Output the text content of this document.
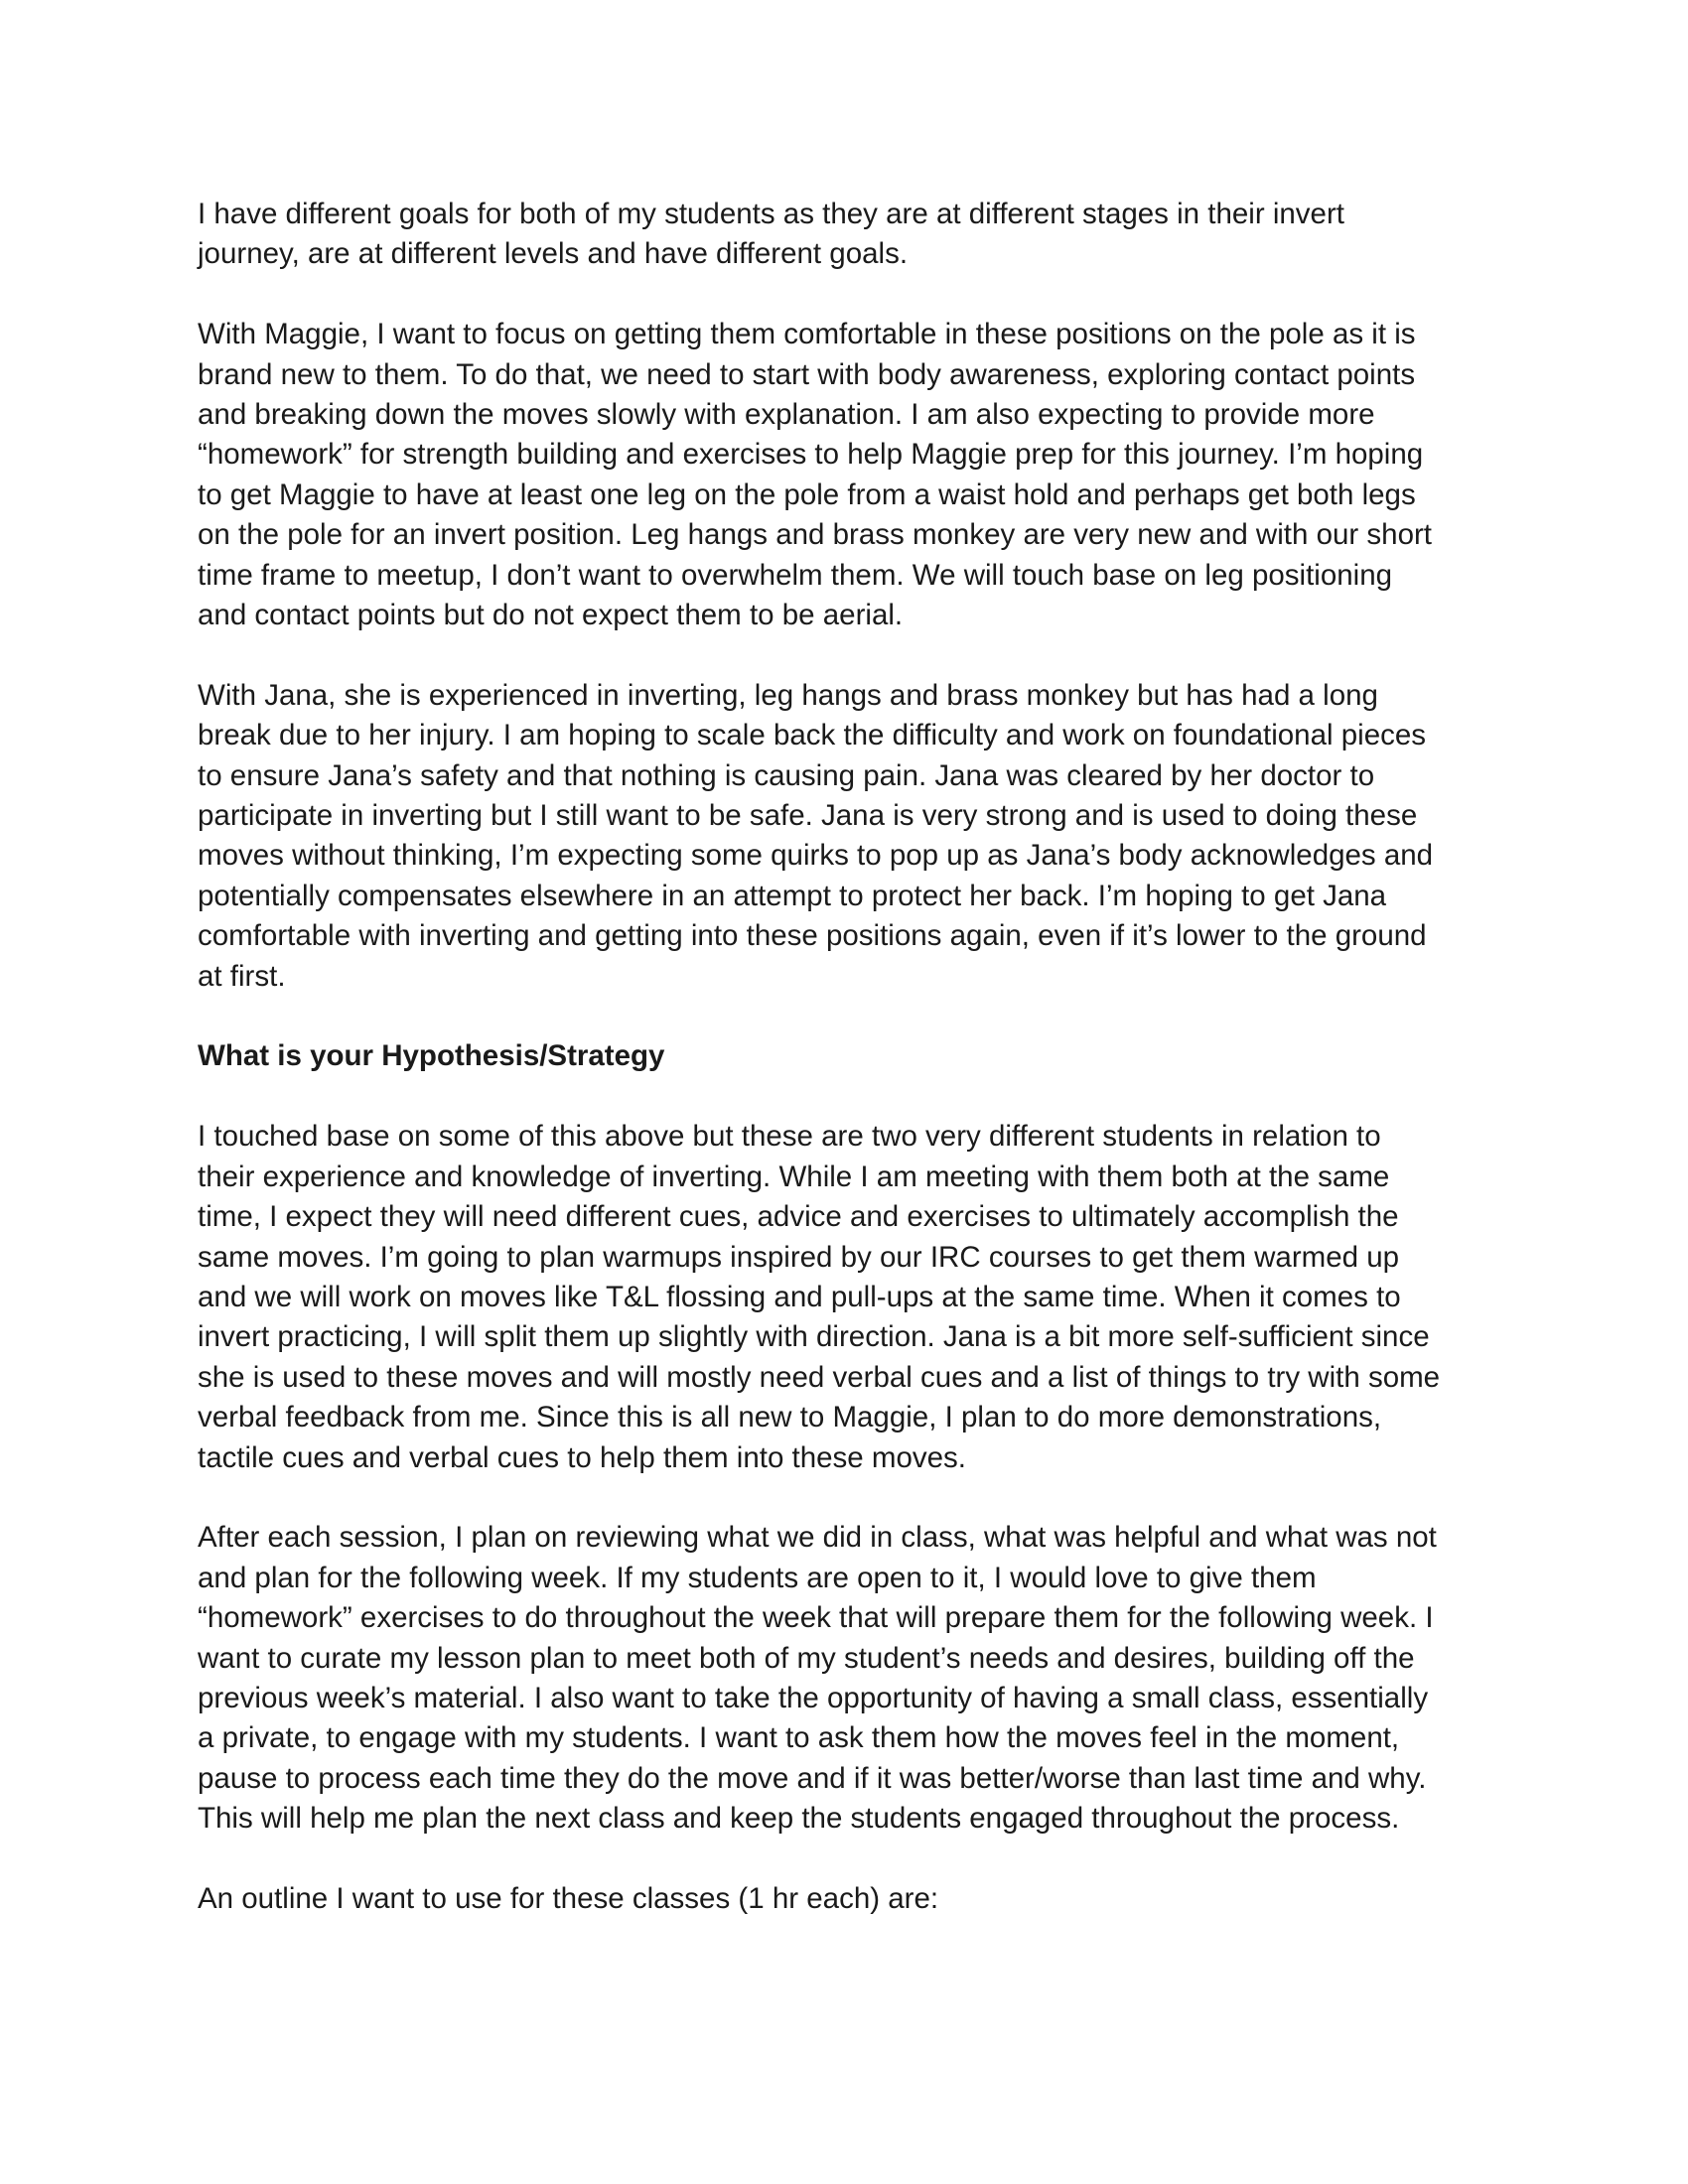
I have different goals for both of my students as they are at different stages in their invert
journey, are at different levels and have different goals.

With Maggie, I want to focus on getting them comfortable in these positions on the pole as it is
brand new to them. To do that, we need to start with body awareness, exploring contact points
and breaking down the moves slowly with explanation. I am also expecting to provide more
“homework” for strength building and exercises to help Maggie prep for this journey. I’m hoping
to get Maggie to have at least one leg on the pole from a waist hold and perhaps get both legs
on the pole for an invert position. Leg hangs and brass monkey are very new and with our short
time frame to meetup, I don’t want to overwhelm them. We will touch base on leg positioning
and contact points but do not expect them to be aerial.

With Jana, she is experienced in inverting, leg hangs and brass monkey but has had a long
break due to her injury. I am hoping to scale back the difficulty and work on foundational pieces
to ensure Jana’s safety and that nothing is causing pain. Jana was cleared by her doctor to
participate in inverting but I still want to be safe. Jana is very strong and is used to doing these
moves without thinking, I’m expecting some quirks to pop up as Jana’s body acknowledges and
potentially compensates elsewhere in an attempt to protect her back. I’m hoping to get Jana
comfortable with inverting and getting into these positions again, even if it’s lower to the ground
at first.

What is your Hypothesis/Strategy

I touched base on some of this above but these are two very different students in relation to
their experience and knowledge of inverting. While I am meeting with them both at the same
time, I expect they will need different cues, advice and exercises to ultimately accomplish the
same moves. I’m going to plan warmups inspired by our IRC courses to get them warmed up
and we will work on moves like T&L flossing and pull-ups at the same time. When it comes to
invert practicing, I will split them up slightly with direction. Jana is a bit more self-sufficient since
she is used to these moves and will mostly need verbal cues and a list of things to try with some
verbal feedback from me. Since this is all new to Maggie, I plan to do more demonstrations,
tactile cues and verbal cues to help them into these moves.

After each session, I plan on reviewing what we did in class, what was helpful and what was not
and plan for the following week. If my students are open to it, I would love to give them
“homework” exercises to do throughout the week that will prepare them for the following week. I
want to curate my lesson plan to meet both of my student’s needs and desires, building off the
previous week’s material. I also want to take the opportunity of having a small class, essentially
a private, to engage with my students. I want to ask them how the moves feel in the moment,
pause to process each time they do the move and if it was better/worse than last time and why.
This will help me plan the next class and keep the students engaged throughout the process.

An outline I want to use for these classes (1 hr each) are:
